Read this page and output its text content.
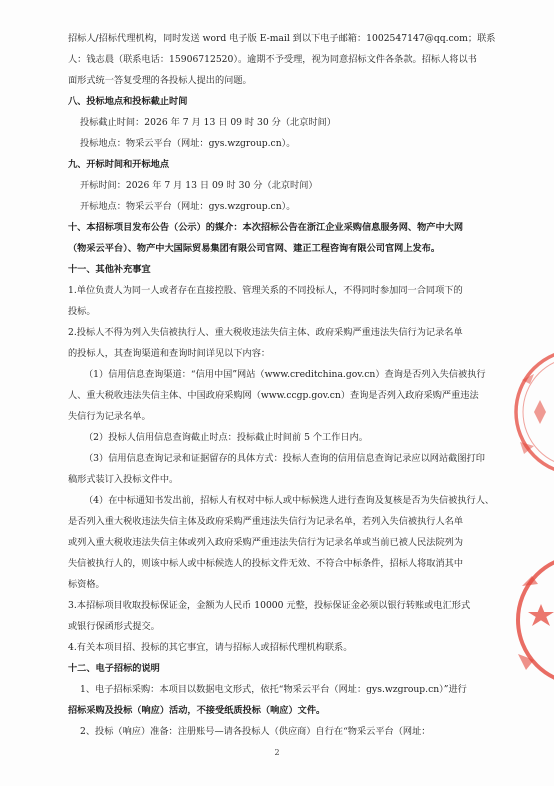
招标人/招标代理机构，同时发送 word 电子版 E-mail 到以下电子邮箱：1002547147@qq.com；联系
人：钱志晨（联系电话：15906712520）。逾期不予受理，视为同意招标文件各条款。招标人将以书
面形式统一答复受理的各投标人提出的问题。
八、投标地点和投标截止时间
投标截止时间：2026 年 7 月 13 日 09 时 30 分（北京时间）
投标地点：物采云平台（网址：gys.wzgroup.cn）。
九、开标时间和开标地点
开标时间：2026 年 7 月 13 日 09 时 30 分（北京时间）
开标地点：物采云平台（网址：gys.wzgroup.cn）。
十、本招标项目发布公告（公示）的媒介：本次招标公告在浙江企业采购信息服务网、物产中大网
（物采云平台）、物产中大国际贸易集团有限公司官网、建正工程咨询有限公司官网上发布。
十一、其他补充事宜
1.单位负责人为同一人或者存在直接控股、管理关系的不同投标人，不得同时参加同一合同项下的
投标。
2.投标人不得为列入失信被执行人、重大税收违法失信主体、政府采购严重违法失信行为记录名单
的投标人，其查询渠道和查询时间详见以下内容：
（1）信用信息查询渠道：“信用中国”网站（www.creditchina.gov.cn）查询是否列入失信被执行
人、重大税收违法失信主体、中国政府采购网（www.ccgp.gov.cn）查询是否列入政府采购严重违法
失信行为记录名单。
（2）投标人信用信息查询截止时点：投标截止时间前 5 个工作日内。
（3）信用信息查询记录和证据留存的具体方式：投标人查询的信用信息查询记录应以网站截图打印
稿形式装订入投标文件中。
（4）在中标通知书发出前，招标人有权对中标人或中标候选人进行查询及复核是否为失信被执行人、
是否列入重大税收违法失信主体及政府采购严重违法失信行为记录名单，若列入失信被执行人名单
或列入重大税收违法失信主体或列入政府采购严重违法失信行为记录名单或当前已被人民法院列为
失信被执行人的，则该中标人或中标候选人的投标文件无效、不符合中标条件，招标人将取消其中
标资格。
3.本招标项目收取投标保证金，金额为人民币 10000 元整，投标保证金必须以银行转账或电汇形式
或银行保函形式提交。
4.有关本项目招、投标的其它事宜，请与招标人或招标代理机构联系。
十二、电子招标的说明
1、电子招标采购：本项目以数据电文形式，依托“物采云平台（网址：gys.wzgroup.cn）”进行
招标采购及投标（响应）活动，不接受纸质投标（响应）文件。
2、投标（响应）准备：注册账号—请各投标人（供应商）自行在“物采云平台（网址：
2
